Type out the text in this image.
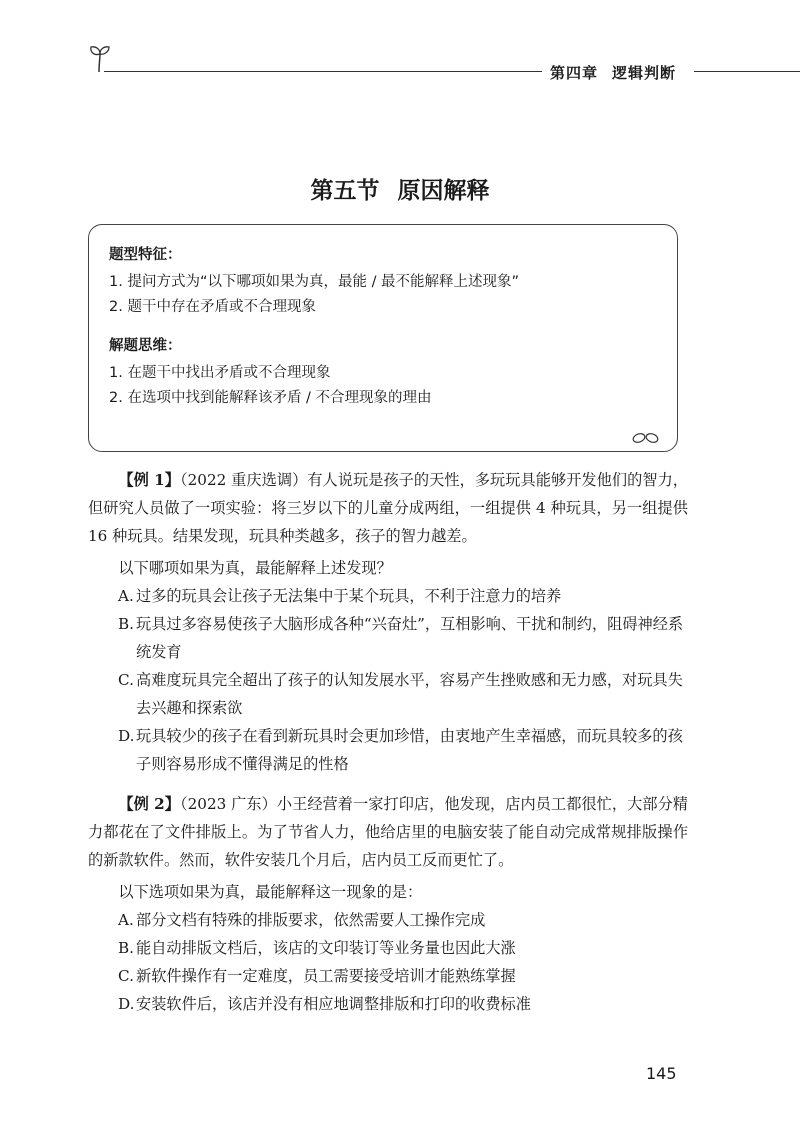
第四章 逻辑判断
第五节 原因解释
题型特征：
1. 提问方式为“以下哪项如果为真，最能 / 最不能解释上述现象”
2. 题干中存在矛盾或不合理现象
解题思维：
1. 在题干中找出矛盾或不合理现象
2. 在选项中找到能解释该矛盾 / 不合理现象的理由
【例 1】（2022 重庆选调）有人说玩是孩子的天性，多玩玩具能够开发他们的智力，但研究人员做了一项实验：将三岁以下的儿童分成两组，一组提供 4 种玩具，另一组提供 16 种玩具。结果发现，玩具种类越多，孩子的智力越差。
以下哪项如果为真，最能解释上述发现？
A. 过多的玩具会让孩子无法集中于某个玩具，不利于注意力的培养
B. 玩具过多容易使孩子大脑形成各种“兴奋灶”，互相影响、干扰和制约，阻碍神经系统发育
C. 高难度玩具完全超出了孩子的认知发展水平，容易产生挫败感和无力感，对玩具失去兴趣和探索欲
D. 玩具较少的孩子在看到新玩具时会更加珍惜，由衷地产生幸福感，而玩具较多的孩子则容易形成不懂得满足的性格
【例 2】（2023 广东）小王经营着一家打印店，他发现，店内员工都很忙，大部分精力都花在了文件排版上。为了节省人力，他给店里的电脑安装了能自动完成常规排版操作的新款软件。然而，软件安装几个月后，店内员工反而更忙了。
以下选项如果为真，最能解释这一现象的是：
A. 部分文档有特殊的排版要求，依然需要人工操作完成
B. 能自动排版文档后，该店的文印装订等业务量也因此大涨
C. 新软件操作有一定难度，员工需要接受培训才能熟练掌握
D. 安装软件后，该店并没有相应地调整排版和打印的收费标准
145
